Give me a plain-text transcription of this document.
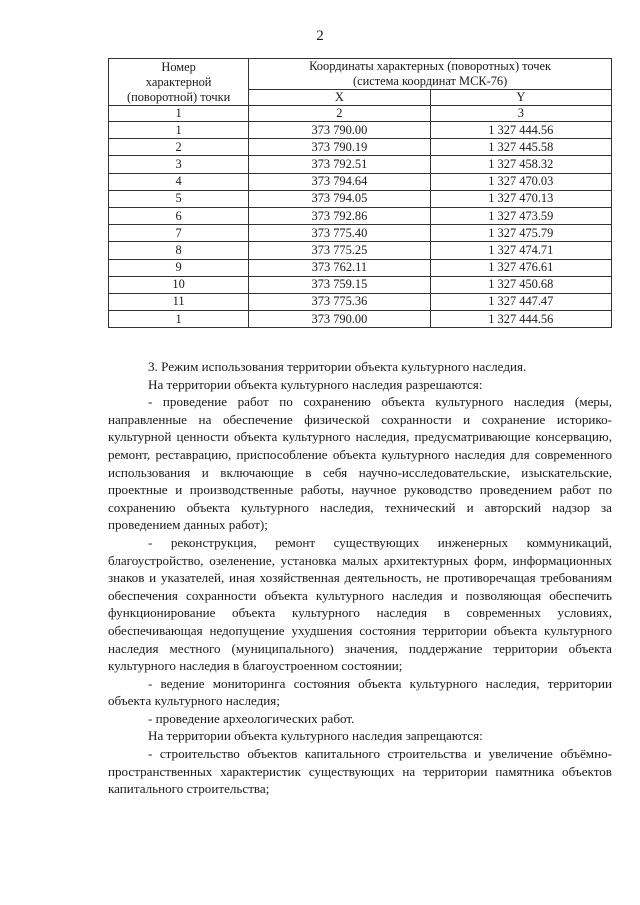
2
Номер
характерной
(поворотной) точки	Координаты характерных (поворотных) точек
(система координат МСК-76)	

	X	Y
1	2	3
1	373 790.00	1 327 444.56
2	373 790.19	1 327 445.58
3	373 792.51	1 327 458.32
4	373 794.64	1 327 470.03
5	373 794.05	1 327 470.13
6	373 792.86	1 327 473.59
7	373 775.40	1 327 475.79
8	373 775.25	1 327 474.71
9	373 762.11	1 327 476.61
10	373 759.15	1 327 450.68
11	373 775.36	1 327 447.47
1	373 790.00	1 327 444.56

3. Режим использования территории объекта культурного наследия.

На территории объекта культурного наследия разрешаются:

- проведение работ по сохранению объекта культурного наследия (меры, направленные на обеспечение физической сохранности и сохранение историко-культурной ценности объекта культурного наследия, предусматривающие консервацию, ремонт, реставрацию, приспособление объекта культурного наследия для современного использования и включающие в себя научно-исследовательские, изыскательские, проектные и производственные работы, научное руководство проведением работ по сохранению объекта культурного наследия, технический и авторский надзор за проведением данных работ);

- реконструкция, ремонт существующих инженерных коммуникаций, благоустройство, озеленение, установка малых архитектурных форм, информационных знаков и указателей, иная хозяйственная деятельность, не противоречащая требованиям обеспечения сохранности объекта культурного наследия и позволяющая обеспечить функционирование объекта культурного наследия в современных условиях, обеспечивающая недопущение ухудшения состояния территории объекта культурного наследия местного (муниципального) значения, поддержание территории объекта культурного наследия в благоустроенном состоянии;

- ведение мониторинга состояния объекта культурного наследия, территории объекта культурного наследия;

- проведение археологических работ.

На территории объекта культурного наследия запрещаются:

- строительство объектов капитального строительства и увеличение объёмно-пространственных характеристик существующих на территории памятника объектов капитального строительства;
